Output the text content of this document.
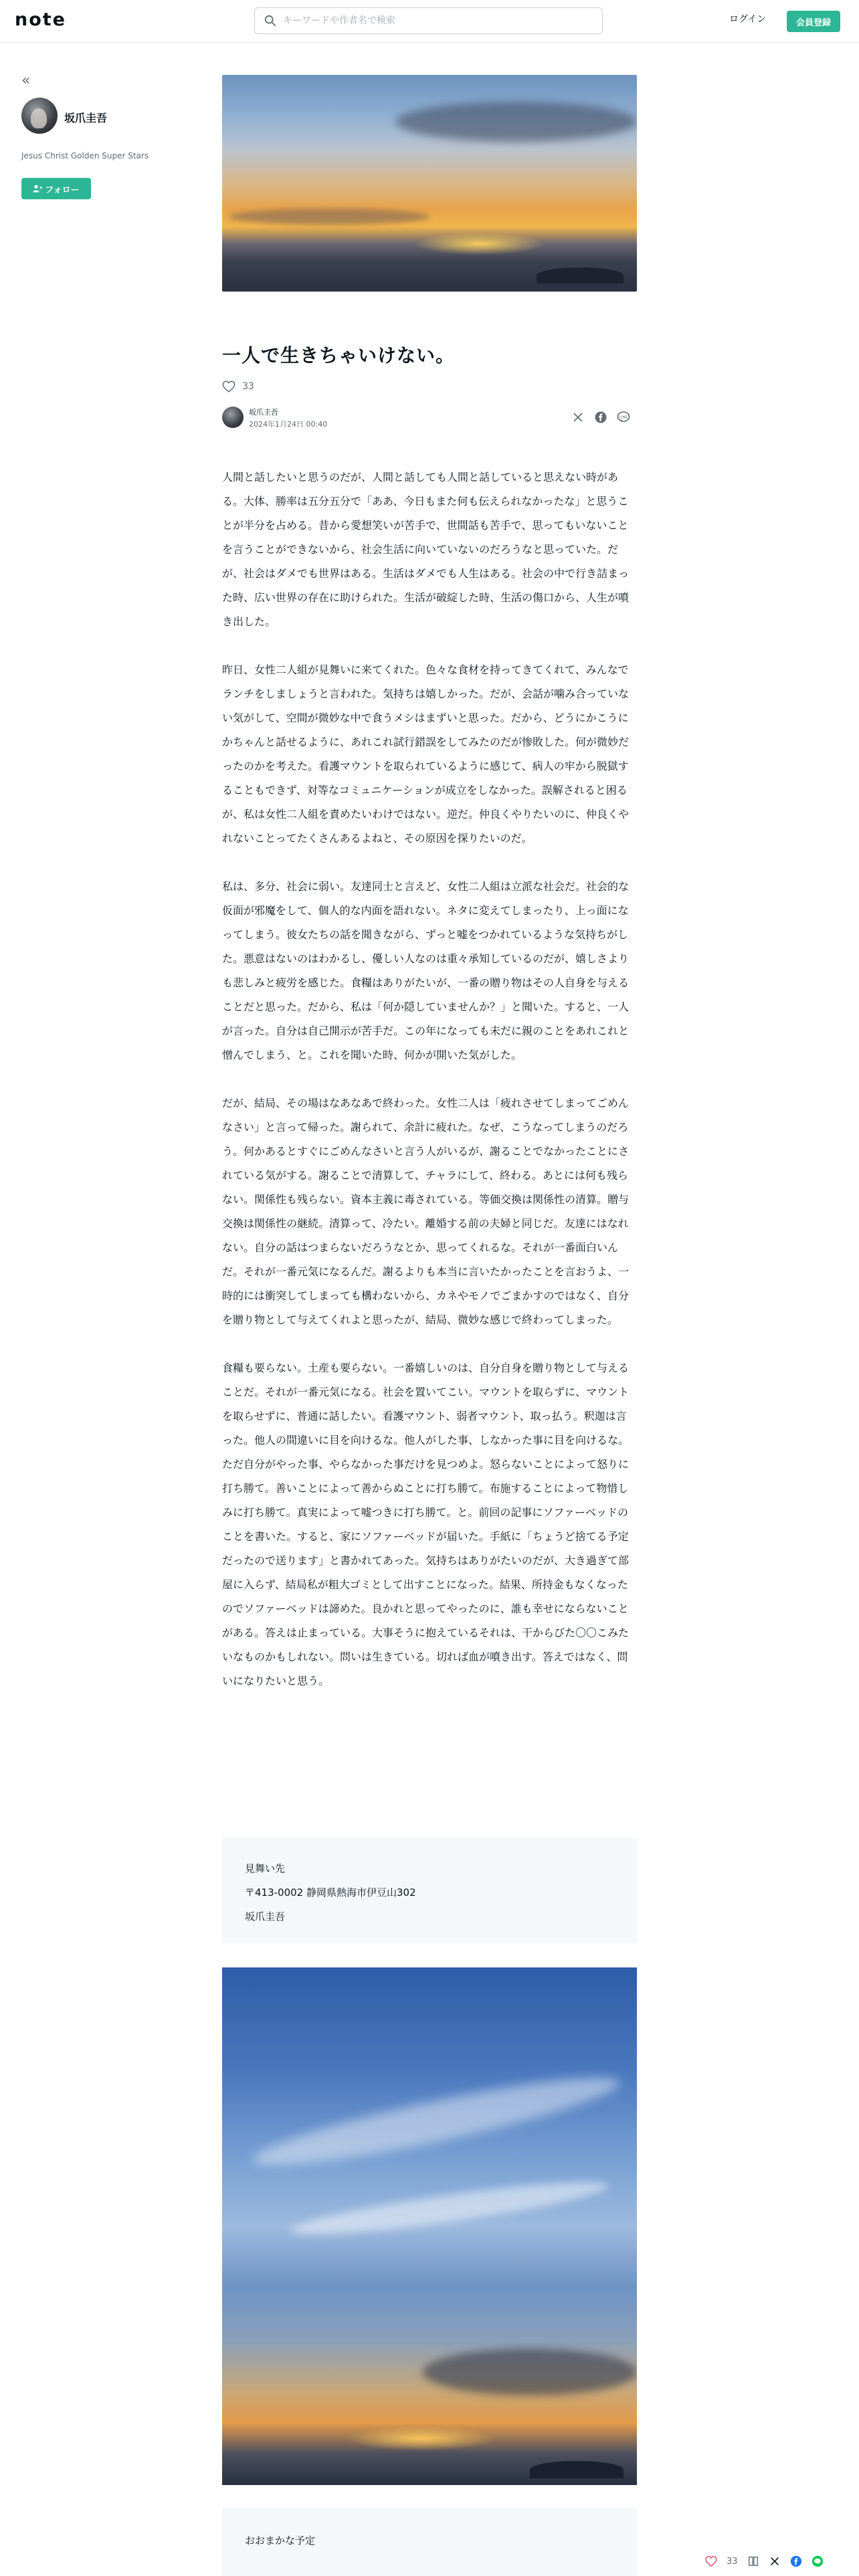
note
キーワードや作者名で検索	ログイン	会員登録
«
坂爪圭吾
Jesus Christ Golden Super Stars
フォロー
一人で生きちゃいけない。
33
坂爪圭吾
2024年1月24日 00:40
LINE

人間と話したいと思うのだが、人間と話しても人間と話していると思えない時がある。大体、勝率は五分五分で「ああ、今日もまた何も伝えられなかったな」と思うことが半分を占める。昔から愛想笑いが苦手で、世間話も苦手で、思ってもいないことを言うことができないから、社会生活に向いていないのだろうなと思っていた。だが、社会はダメでも世界はある。生活はダメでも人生はある。社会の中で行き詰まった時、広い世界の存在に助けられた。生活が破綻した時、生活の傷口から、人生が噴き出した。

昨日、女性二人組が見舞いに来てくれた。色々な食材を持ってきてくれて、みんなでランチをしましょうと言われた。気持ちは嬉しかった。だが、会話が噛み合っていない気がして、空間が微妙な中で食うメシはまずいと思った。だから、どうにかこうにかちゃんと話せるように、あれこれ試行錯誤をしてみたのだが惨敗した。何が微妙だったのかを考えた。看護マウントを取られているように感じて、病人の牢から脱獄することもできず、対等なコミュニケーションが成立をしなかった。誤解されると困るが、私は女性二人組を責めたいわけではない。逆だ。仲良くやりたいのに、仲良くやれないことってたくさんあるよねと、その原因を探りたいのだ。

私は、多分、社会に弱い。友達同士と言えど、女性二人組は立派な社会だ。社会的な仮面が邪魔をして、個人的な内面を語れない。ネタに変えてしまったり、上っ面になってしまう。彼女たちの話を聞きながら、ずっと嘘をつかれているような気持ちがした。悪意はないのはわかるし、優しい人なのは重々承知しているのだが、嬉しさよりも悲しみと疲労を感じた。食糧はありがたいが、一番の贈り物はその人自身を与えることだと思った。だから、私は「何か隠していませんか？」と聞いた。すると、一人が言った。自分は自己開示が苦手だ。この年になっても未だに親のことをあれこれと憎んでしまう、と。これを聞いた時、何かが開いた気がした。

だが、結局、その場はなあなあで終わった。女性二人は「疲れさせてしまってごめんなさい」と言って帰った。謝られて、余計に疲れた。なぜ、こうなってしまうのだろう。何かあるとすぐにごめんなさいと言う人がいるが、謝ることでなかったことにされている気がする。謝ることで清算して、チャラにして、終わる。あとには何も残らない。関係性も残らない。資本主義に毒されている。等価交換は関係性の清算。贈与交換は関係性の継続。清算って、冷たい。離婚する前の夫婦と同じだ。友達にはなれない。自分の話はつまらないだろうなとか、思ってくれるな。それが一番面白いんだ。それが一番元気になるんだ。謝るよりも本当に言いたかったことを言おうよ、一時的には衝突してしまっても構わないから、カネやモノでごまかすのではなく、自分を贈り物として与えてくれよと思ったが、結局、微妙な感じで終わってしまった。

食糧も要らない。土産も要らない。一番嬉しいのは、自分自身を贈り物として与えることだ。それが一番元気になる。社会を置いてこい。マウントを取らずに、マウントを取らせずに、普通に話したい。看護マウント、弱者マウント、取っ払う。釈迦は言った。他人の間違いに目を向けるな。他人がした事、しなかった事に目を向けるな。ただ自分がやった事、やらなかった事だけを見つめよ。怒らないことによって怒りに打ち勝て。善いことによって善からぬことに打ち勝て。布施することによって物惜しみに打ち勝て。真実によって嘘つきに打ち勝て。と。前回の記事にソファーベッドのことを書いた。すると、家にソファーベッドが届いた。手紙に「ちょうど捨てる予定だったので送ります」と書かれてあった。気持ちはありがたいのだが、大き過ぎて部屋に入らず、結局私が粗大ゴミとして出すことになった。結果、所持金もなくなったのでソファーベッドは諦めた。良かれと思ってやったのに、誰も幸せにならないことがある。答えは止まっている。大事そうに抱えているそれは、干からびた〇〇こみたいなものかもしれない。問いは生きている。切れば血が噴き出す。答えではなく、問いになりたいと思う。

見舞い先
〒413-0002 静岡県熱海市伊豆山302
坂爪圭吾
おおまかな予定
33
